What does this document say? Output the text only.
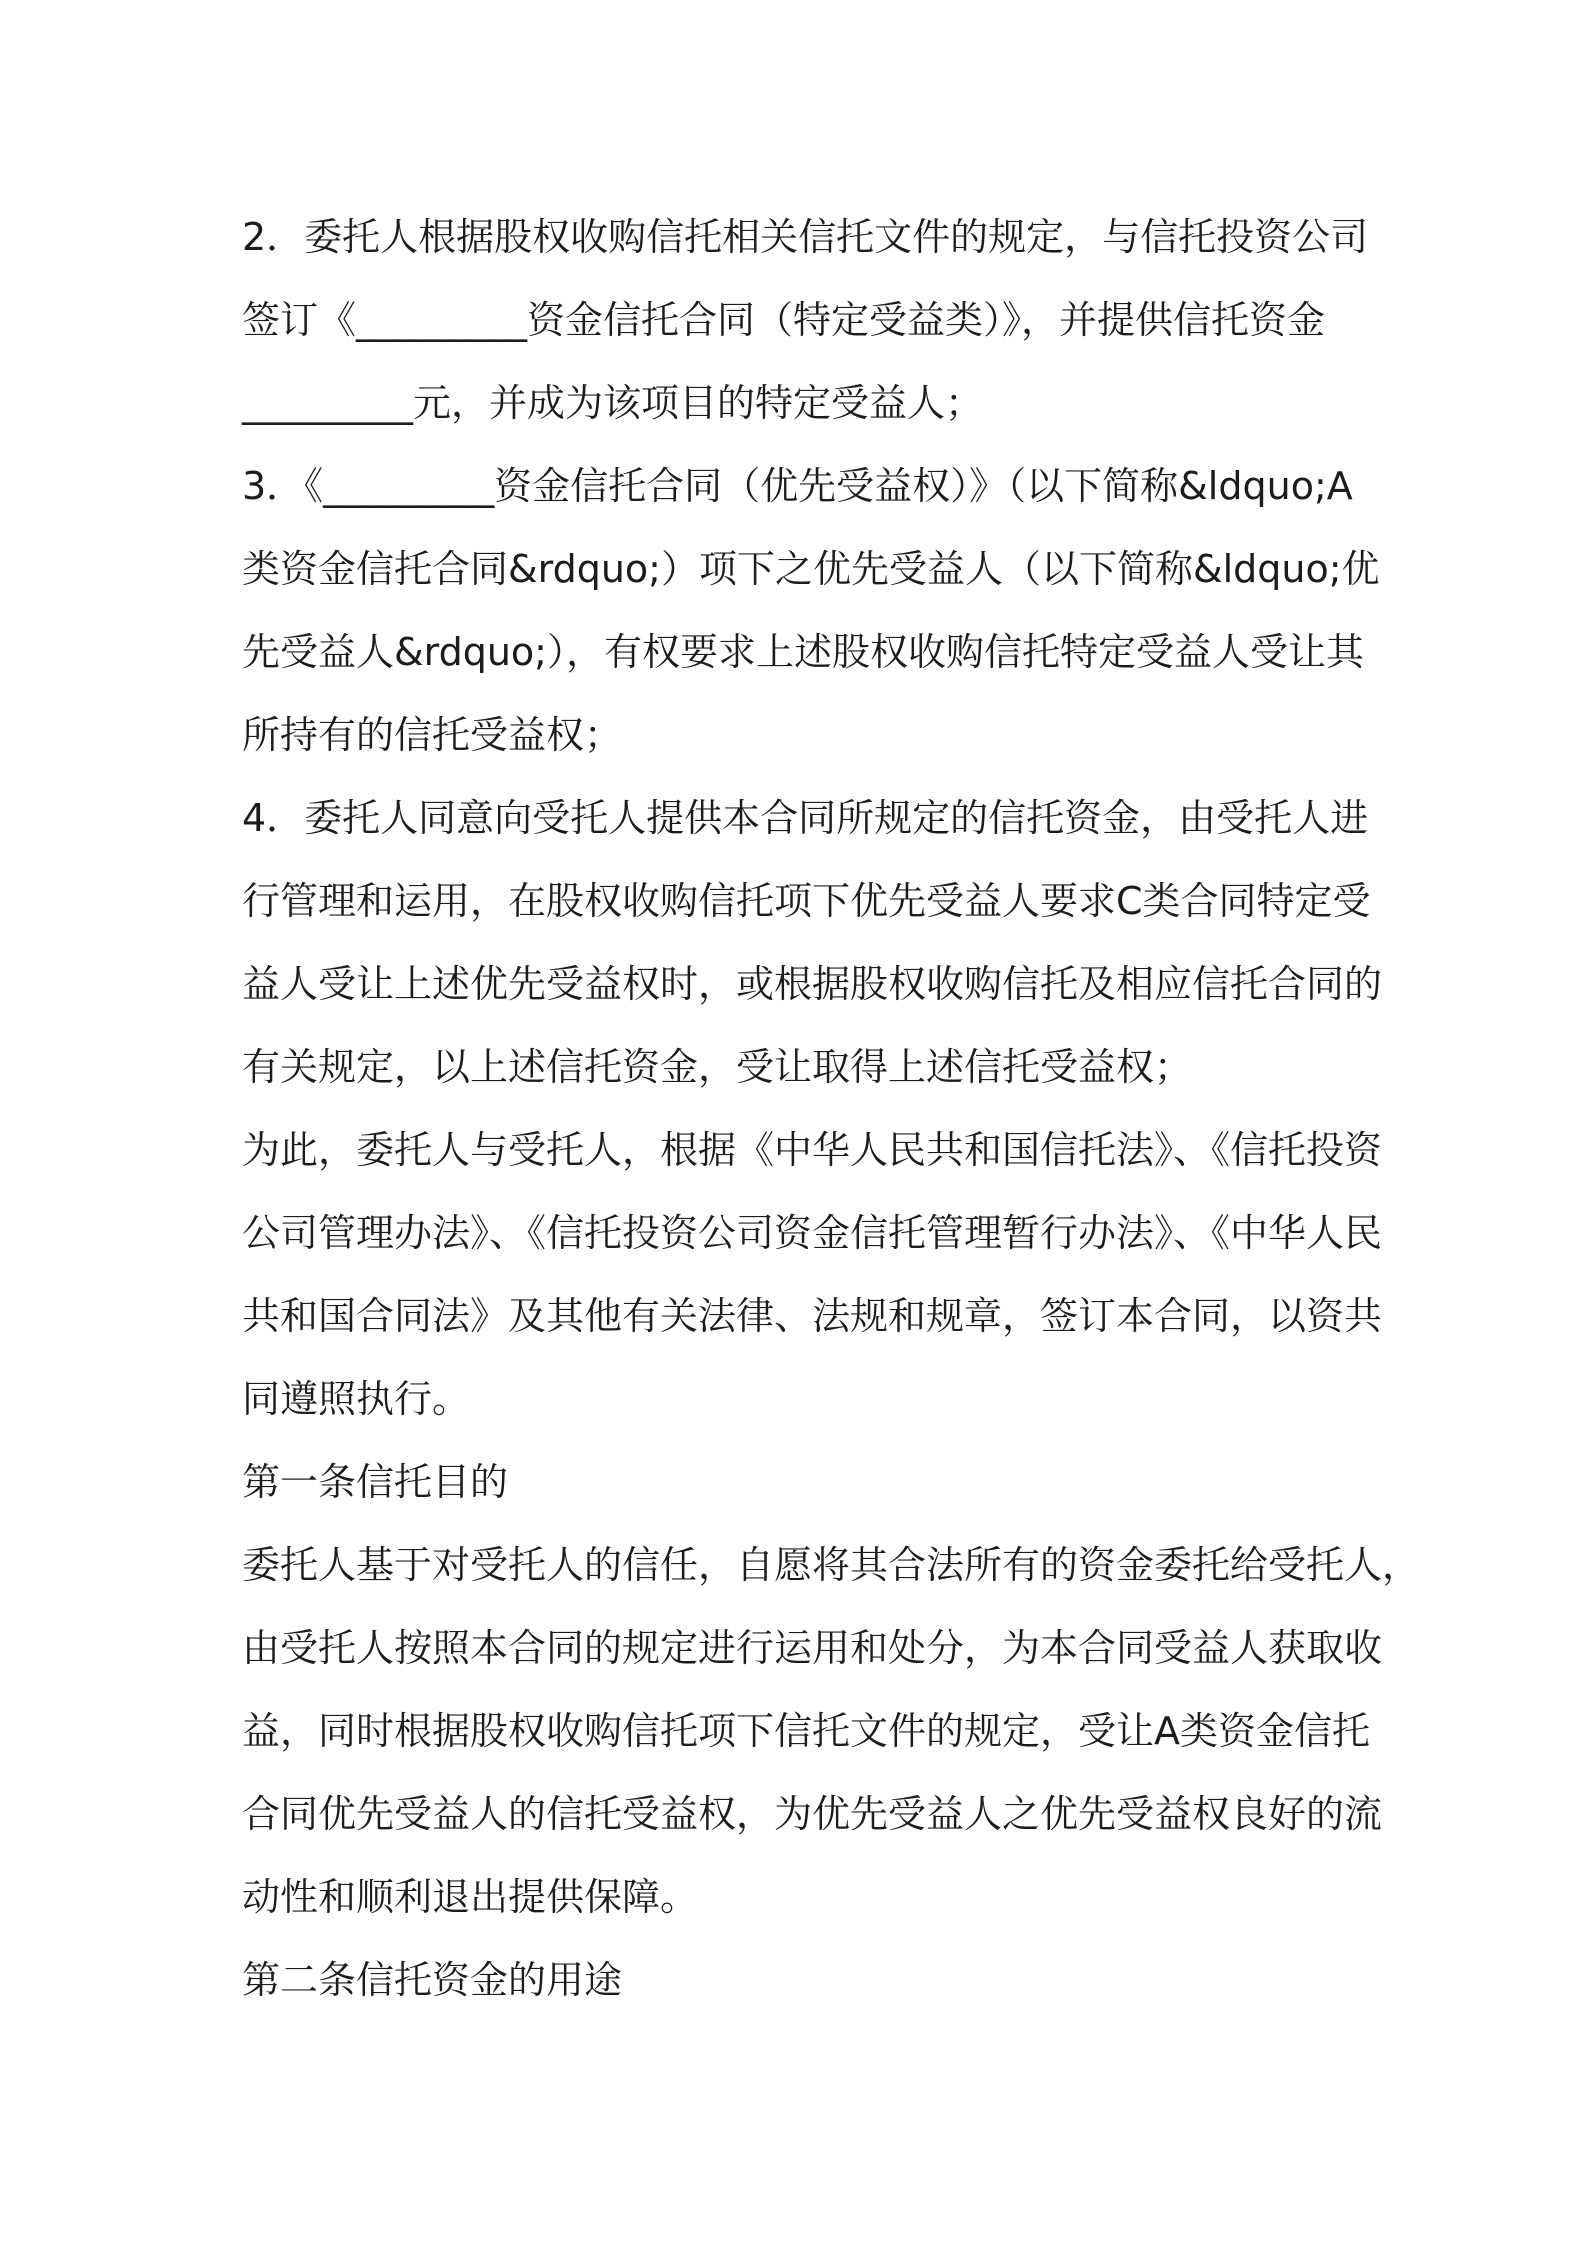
2．委托人根据股权收购信托相关信托文件的规定，与信托投资公司

签订《_________资金信托合同（特定受益类）》，并提供信托资金

_________元，并成为该项目的特定受益人；

3．《_________资金信托合同（优先受益权）》（以下简称&ldquo;A

类资金信托合同&rdquo;）项下之优先受益人（以下简称&ldquo;优

先受益人&rdquo;），有权要求上述股权收购信托特定受益人受让其

所持有的信托受益权；

4．委托人同意向受托人提供本合同所规定的信托资金，由受托人进

行管理和运用，在股权收购信托项下优先受益人要求C类合同特定受

益人受让上述优先受益权时，或根据股权收购信托及相应信托合同的

有关规定，以上述信托资金，受让取得上述信托受益权；

为此，委托人与受托人，根据《中华人民共和国信托法》、《信托投资

公司管理办法》、《信托投资公司资金信托管理暂行办法》、《中华人民

共和国合同法》及其他有关法律、法规和规章，签订本合同，以资共

同遵照执行。

第一条信托目的

委托人基于对受托人的信任，自愿将其合法所有的资金委托给受托人，

由受托人按照本合同的规定进行运用和处分，为本合同受益人获取收

益，同时根据股权收购信托项下信托文件的规定，受让A类资金信托

合同优先受益人的信托受益权，为优先受益人之优先受益权良好的流

动性和顺利退出提供保障。

第二条信托资金的用途
